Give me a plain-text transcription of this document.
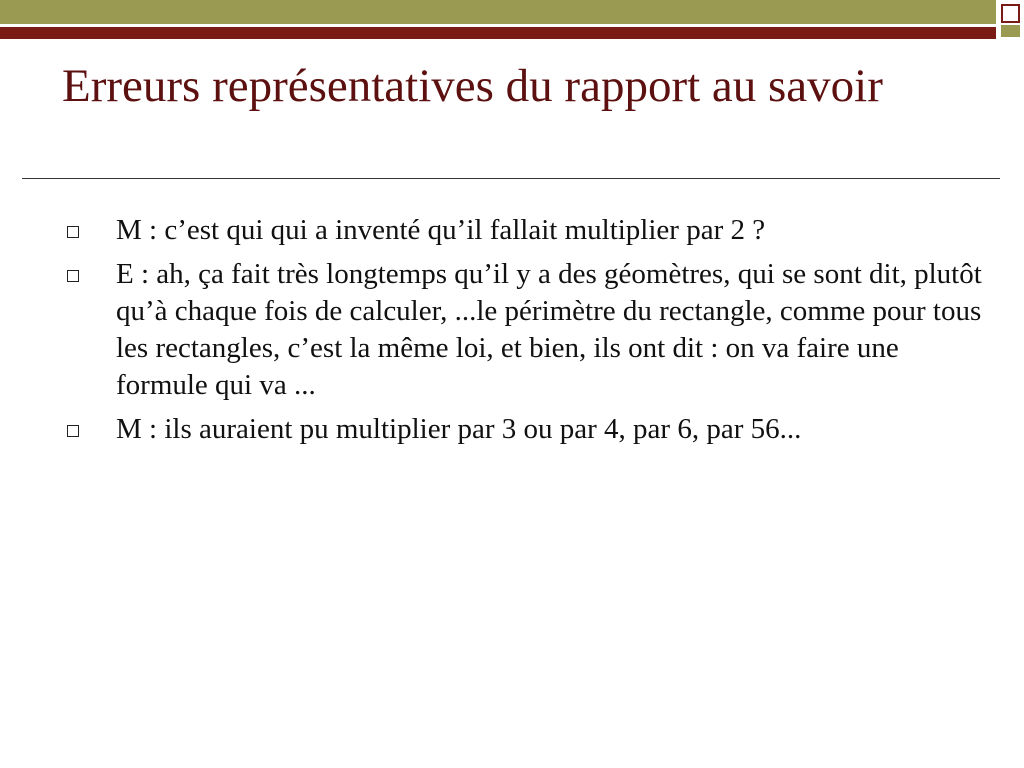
Erreurs représentatives du rapport au savoir
M : c’est qui qui a inventé qu’il fallait multiplier par 2 ?
E : ah, ça fait très longtemps qu’il y a des géomètres, qui se sont dit, plutôt qu’à chaque fois de calculer, ...le périmètre du rectangle, comme pour tous les rectangles, c’est la même loi, et bien, ils ont dit : on va faire une formule qui va ...
M : ils auraient pu multiplier par 3 ou par 4, par 6, par 56...
